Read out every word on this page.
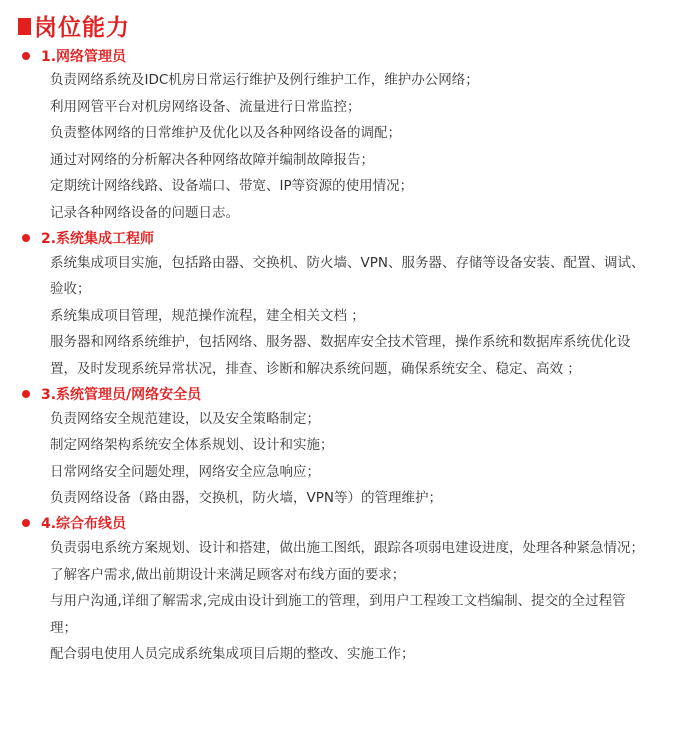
岗位能力
1.网络管理员
负责网络系统及IDC机房日常运行维护及例行维护工作，维护办公网络；
利用网管平台对机房网络设备、流量进行日常监控；
负责整体网络的日常维护及优化以及各种网络设备的调配；
通过对网络的分析解决各种网络故障并编制故障报告；
定期统计网络线路、设备端口、带宽、IP等资源的使用情况；
记录各种网络设备的问题日志。
2.系统集成工程师
系统集成项目实施，包括路由器、交换机、防火墙、VPN、服务器、存储等设备安装、配置、调试、验收；
系统集成项目管理，规范操作流程，建全相关文档 ；
服务器和网络系统维护，包括网络、服务器、数据库安全技术管理，操作系统和数据库系统优化设置，及时发现系统异常状况，排查、诊断和解决系统问题，确保系统安全、稳定、高效 ；
3.系统管理员/网络安全员
负责网络安全规范建设，以及安全策略制定；
制定网络架构系统安全体系规划、设计和实施；
日常网络安全问题处理，网络安全应急响应；
负责网络设备（路由器，交换机，防火墙，VPN等）的管理维护；
4.综合布线员
负责弱电系统方案规划、设计和搭建，做出施工图纸，跟踪各项弱电建设进度，处理各种紧急情况；
了解客户需求,做出前期设计来满足顾客对布线方面的要求；
与用户沟通,详细了解需求,完成由设计到施工的管理，到用户工程竣工文档编制、提交的全过程管理；
配合弱电使用人员完成系统集成项目后期的整改、实施工作；
